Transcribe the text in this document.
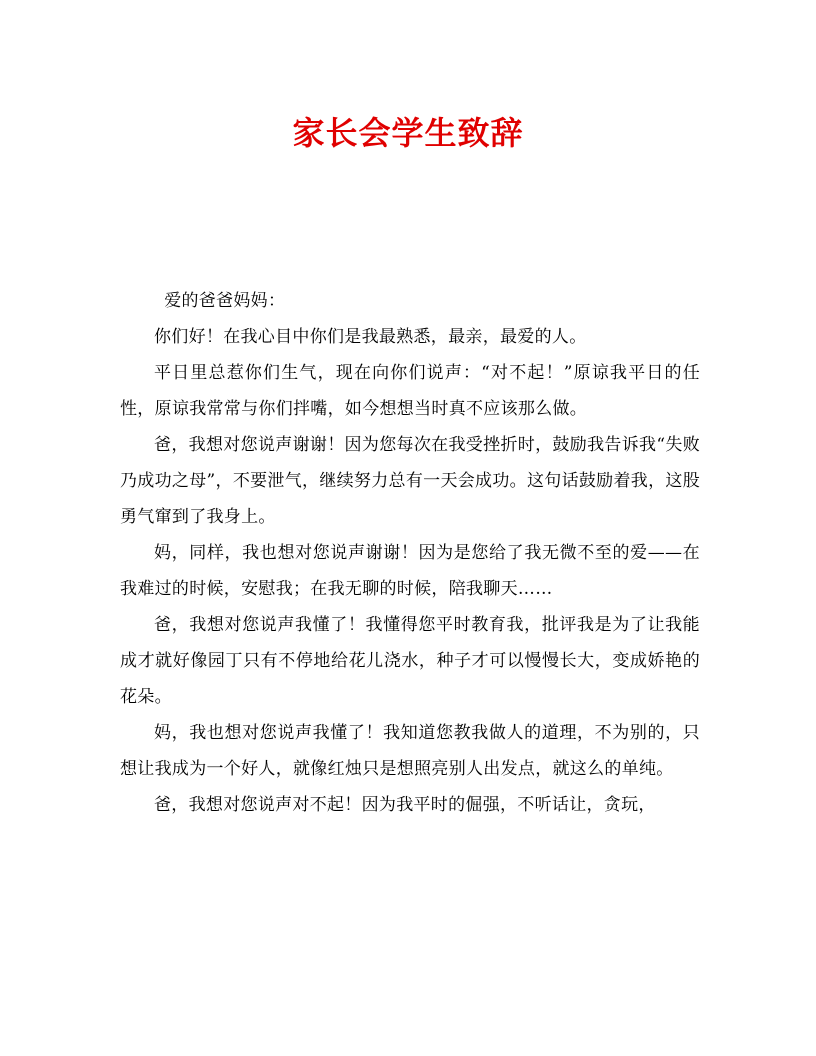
家长会学生致辞

爱的爸爸妈妈：

你们好！在我心目中你们是我最熟悉，最亲，最爱的人。

平日里总惹你们生气，现在向你们说声：“对不起！”原谅我平日的任性，原谅我常常与你们拌嘴，如今想想当时真不应该那么做。

爸，我想对您说声谢谢！因为您每次在我受挫折时，鼓励我告诉我“失败乃成功之母”，不要泄气，继续努力总有一天会成功。这句话鼓励着我，这股勇气窜到了我身上。

妈，同样，我也想对您说声谢谢！因为是您给了我无微不至的爱——在我难过的时候，安慰我；在我无聊的时候，陪我聊天……

爸，我想对您说声我懂了！我懂得您平时教育我，批评我是为了让我能成才就好像园丁只有不停地给花儿浇水，种子才可以慢慢长大，变成娇艳的花朵。

妈，我也想对您说声我懂了！我知道您教我做人的道理，不为别的，只想让我成为一个好人，就像红烛只是想照亮别人出发点，就这么的单纯。

爸，我想对您说声对不起！因为我平时的倔强，不听话让，贪玩，
